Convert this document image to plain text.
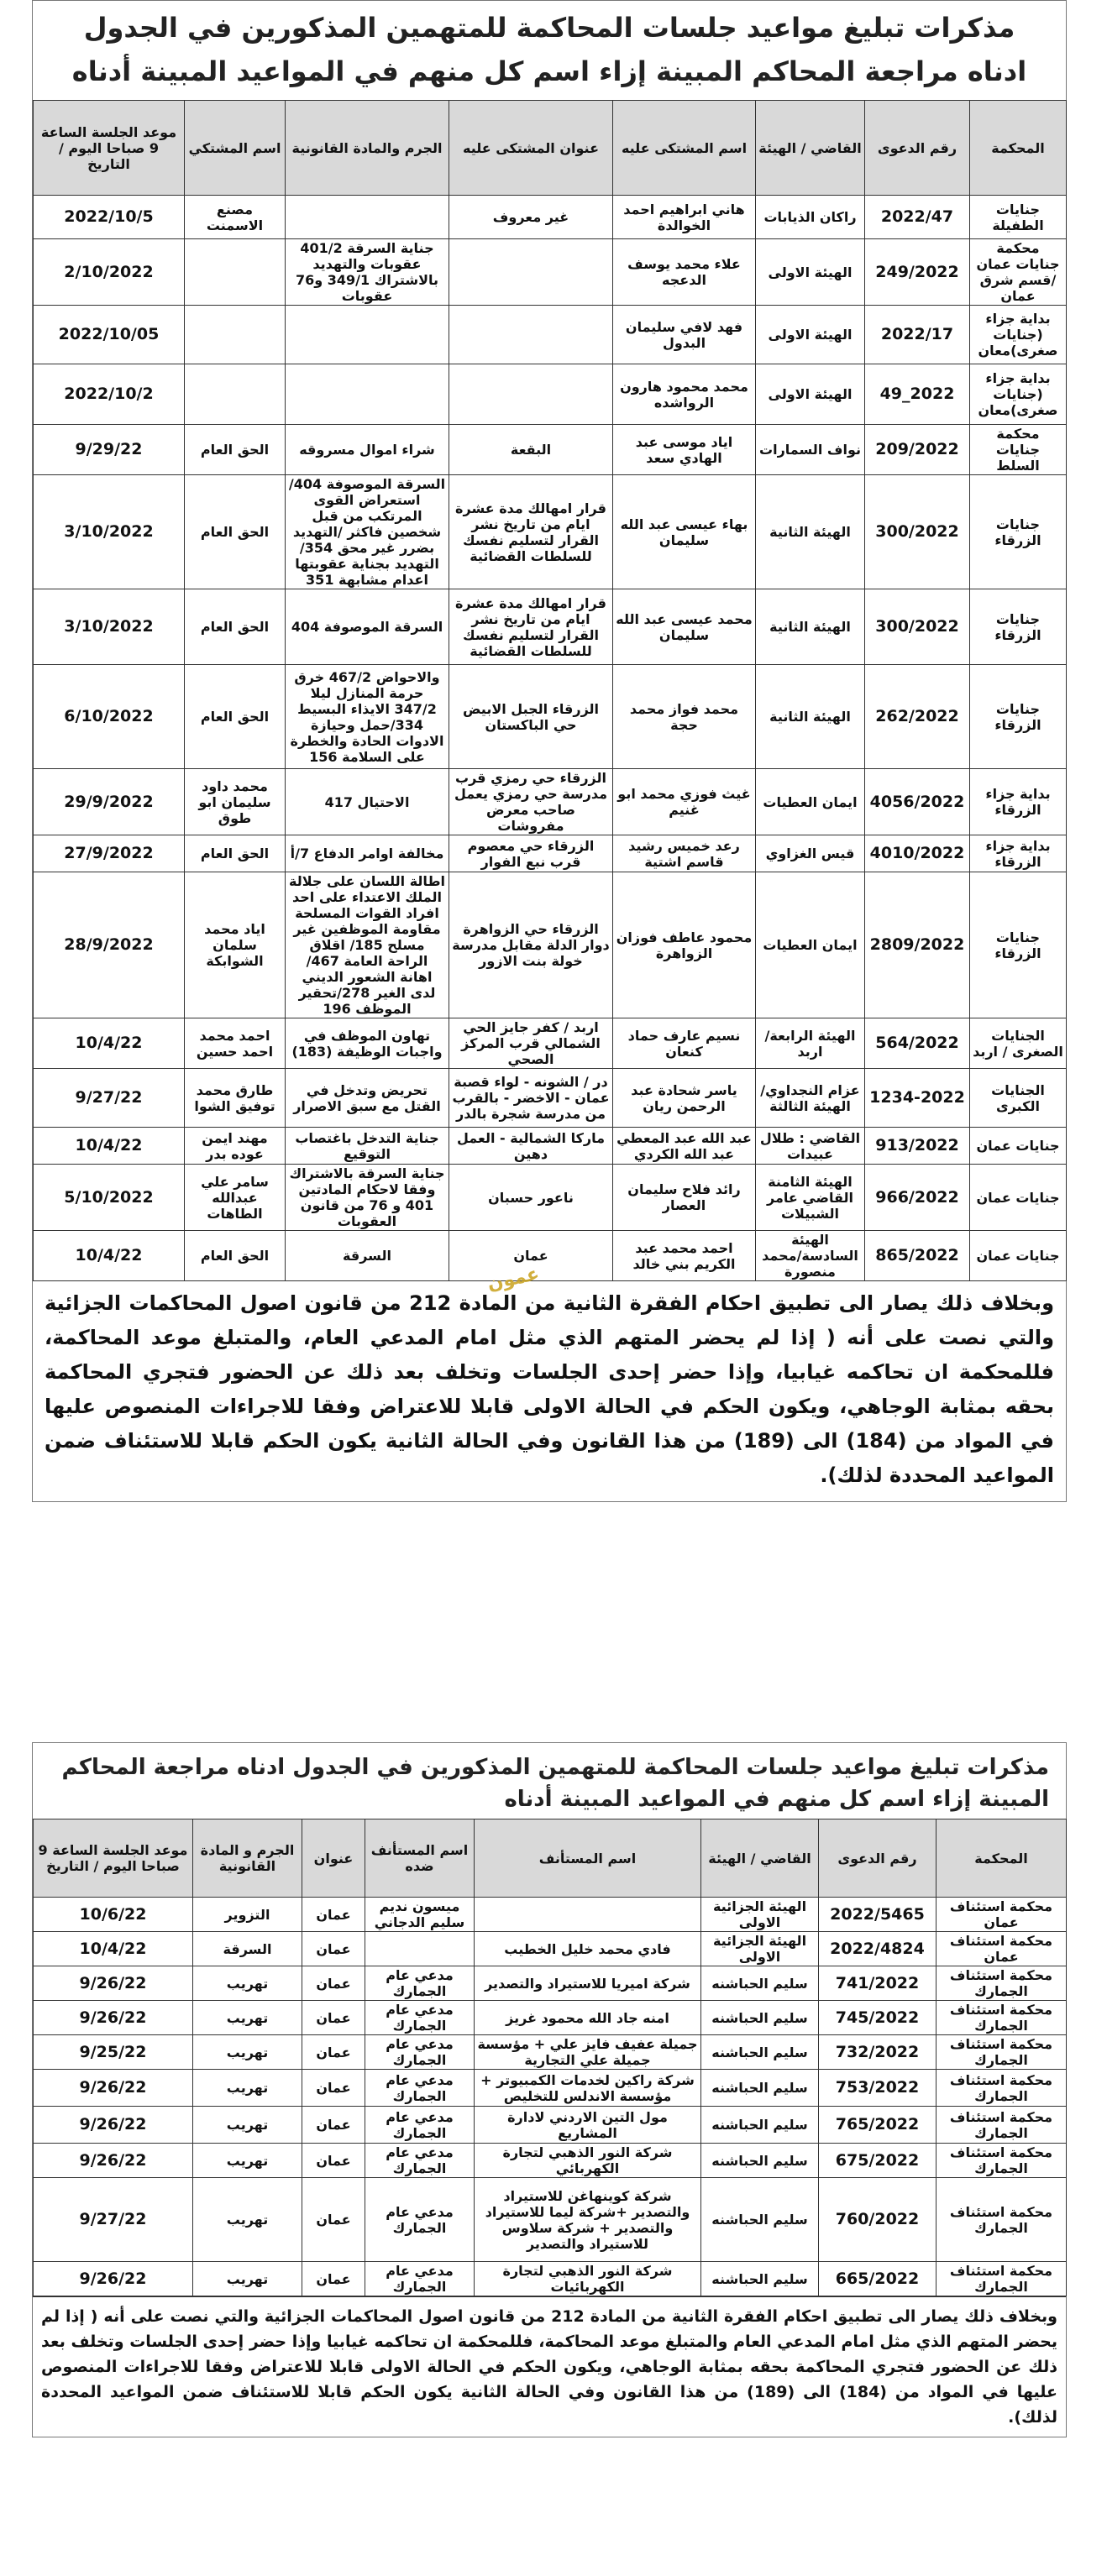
مذكرات تبليغ مواعيد جلسات المحاكمة للمتهمين المذكورين في الجدول ادناه مراجعة المحاكم المبينة إزاء اسم كل منهم في المواعيد المبينة أدناه
المحكمة	رقم الدعوى	القاضي / الهيئة	اسم المشتكى عليه	عنوان المشتكى عليه	الجرم والمادة القانونية	اسم المشتكي	موعد الجلسة الساعة 9 صباحا اليوم / التاريخ
جنايات الطفيلة	2022/47	راكان الذيابات	هاني ابراهيم احمد الخوالدة	غير معروف		مصنع الاسمنت	2022/10/5
محكمة جنايات عمان /قسم شرق عمان	249/2022	الهيئة الاولى	علاء محمد يوسف الدعجه		جناية السرقة 401/2 عقوبات والتهديد بالاشتراك 349/1 و76 عقوبات		2/10/2022
بداية جزاء (جنايات صغرى)معان	2022/17	الهيئة الاولى	فهد لافي سليمان البدول				2022/10/05
بداية جزاء (جنايات صغرى)معان	2022_49	الهيئة الاولى	محمد محمود هارون الرواشده				2022/10/2
محكمة جنايات السلط	209/2022	نواف السمارات	اياد موسى عبد الهادي سعد	البقعة	شراء اموال مسروقه	الحق العام	9/29/22
جنايات الزرقاء	300/2022	الهيئة الثانية	بهاء عيسى عبد الله سليمان	قرار امهالك مدة عشرة ايام من تاريخ نشر القرار لتسليم نفسك للسلطات القضائية	السرقة الموصوفة 404/ استعراض القوى المرتكب من قبل شخصين فاكثر /التهديد بضرر غير محق 354/ التهديد بجناية عقوبتها اعدام مشابهة 351	الحق العام	3/10/2022
جنايات الزرقاء	300/2022	الهيئة الثانية	محمد عيسى عبد الله سليمان	قرار امهالك مدة عشرة ايام من تاريخ نشر القرار لتسليم نفسك للسلطات القضائية	السرقة الموصوفة 404	الحق العام	3/10/2022
جنايات الزرقاء	262/2022	الهيئة الثانية	محمد فواز محمد حجة	الزرقاء الجبل الابيض حي الباكستان	والاحواض 467/2 خرق حرمة المنازل ليلا 347/2 الايذاء البسيط 334/حمل وحيازة الادوات الحادة والخطرة على السلامة 156	الحق العام	6/10/2022
بداية جزاء الزرقاء	4056/2022	ايمان العطيات	غيث فوزي محمد ابو غنيم	الزرقاء حي رمزي قرب مدرسة حي رمزي يعمل صاحب معرض مفروشات	الاحتيال 417	محمد داود سليمان ابو طوق	29/9/2022
بداية جزاء الزرقاء	4010/2022	قيس الغزاوي	رعد خميس رشيد قاسم اشتية	الزرقاء حي معصوم قرب نبع الفوار	مخالفة اوامر الدفاع 7/أ	الحق العام	27/9/2022
جنايات الزرقاء	2809/2022	ايمان العطيات	محمود عاطف فوزان الزواهرة	الزرقاء حي الزواهرة دوار الدلة مقابل مدرسة خولة بنت الازور	اطالة اللسان على جلالة الملك الاعتداء على احد افراد القوات المسلحة مقاومة الموظفين غير مسلح 185/ اقلاق الراحة العامة 467/ اهانة الشعور الديني لدى الغير 278/تحقير الموظف 196	اياد محمد سلمان الشوابكة	28/9/2022
الجنايات الصغرى / اربد	564/2022	الهيئة الرابعة/اربد	نسيم عارف حماد كنعان	اربد / كفر جايز الحي الشمالي قرب المركز الصحي	تهاون الموظف في واجبات الوظيفة (183)	احمد محمد احمد حسين	10/4/22
الجنايات الكبرى	1234-2022	عزام النجداوي/الهيئة الثالثة	ياسر شحادة عبد الرحمن ريان	در / الشونه - لواء قصبة عمان - الاخضر - بالقرب من مدرسة شجرة بالدر	تحريض وتدخل في القتل مع سبق الاصرار	طارق محمد توفيق الشوا	9/27/22
جنايات عمان	913/2022	القاضي : طلال عبيدات	عبد الله عبد المعطي عبد الله الكردي	ماركا الشمالية - العمل دهين	جناية التدخل باغتصاب التوقيع	مهند ايمن عوده بدر	10/4/22
جنايات عمان	966/2022	الهيئة الثامنة القاضي عامر الشبيلات	رائد فلاح سليمان العصار	ناعور حسبان	جناية السرقة بالاشتراك وفقا لاحكام المادتين 401 و 76 من قانون العقوبات	سامر علي عبدالله الطاهات	5/10/2022
جنايات عمان	865/2022	الهيئة السادسة/محمد منصورة	احمد محمد عبد الكريم بني خالد	عمان	السرقة	الحق العام	10/4/22
وبخلاف ذلك يصار الى تطبيق احكام الفقرة الثانية من المادة 212 من قانون اصول المحاكمات الجزائية والتي نصت على أنه ( إذا لم يحضر المتهم الذي مثل امام المدعي العام، والمتبلغ موعد المحاكمة، فللمحكمة ان تحاكمه غيابيا، وإذا حضر إحدى الجلسات وتخلف بعد ذلك عن الحضور فتجري المحاكمة بحقه بمثابة الوجاهي، ويكون الحكم في الحالة الاولى قابلا للاعتراض وفقا للاجراءات المنصوص عليها في المواد من (184) الى (189) من هذا القانون وفي الحالة الثانية يكون الحكم قابلا للاستئناف ضمن المواعيد المحددة لذلك).
عمون
مذكرات تبليغ مواعيد جلسات المحاكمة للمتهمين المذكورين في الجدول ادناه مراجعة المحاكم المبينة إزاء اسم كل منهم في المواعيد المبينة أدناه
المحكمة	رقم الدعوى	القاضي / الهيئة	اسم المستأنف	اسم المستأنف ضده	عنوان	الجرم و المادة القانونية	موعد الجلسة الساعة 9 صباحا اليوم / التاريخ
محكمة استئناف عمان	2022/5465	الهيئة الجزائية الاولى		ميسون نديم سليم الدجاني	عمان	التزوير	10/6/22
محكمة استئناف عمان	2022/4824	الهيئة الجزائية الاولى	فادي محمد خليل الخطيب		عمان	السرقة	10/4/22
محكمة استئناف الجمارك	741/2022	سليم الحباشنه	شركة اميريا للاستيراد والتصدير	مدعي عام الجمارك	عمان	تهريب	9/26/22
محكمة استئناف الجمارك	745/2022	سليم الحباشنه	امنه جاد الله محمود غريز	مدعي عام الجمارك	عمان	تهريب	9/26/22
محكمة استئناف الجمارك	732/2022	سليم الحباشنه	جميلة عفيف فايز علي + مؤسسة جميلة علي التجارية	مدعي عام الجمارك	عمان	تهريب	9/25/22
محكمة استئناف الجمارك	753/2022	سليم الحباشنه	شركة راكين لخدمات الكمبيوتر + مؤسسة الاندلس للتخليص	مدعي عام الجمارك	عمان	تهريب	9/26/22
محكمة استئناف الجمارك	765/2022	سليم الحباشنه	مول التين الاردني لادارة المشاريع	مدعي عام الجمارك	عمان	تهريب	9/26/22
محكمة استئناف الجمارك	675/2022	سليم الحباشنه	شركة النور الذهبي لتجارة الكهربائي	مدعي عام الجمارك	عمان	تهريب	9/26/22
محكمة استئناف الجمارك	760/2022	سليم الحباشنه	شركة كوينهاغن للاستيراد والتصدير +شركة ليما للاستيراد والتصدير + شركة سلاوس للاستيراد والتصدير	مدعي عام الجمارك	عمان	تهريب	9/27/22
محكمة استئناف الجمارك	665/2022	سليم الحباشنه	شركة النور الذهبي لتجارة الكهربائيات	مدعي عام الجمارك	عمان	تهريب	9/26/22
وبخلاف ذلك يصار الى تطبيق احكام الفقرة الثانية من المادة 212 من قانون اصول المحاكمات الجزائية والتي نصت على أنه ( إذا لم يحضر المتهم الذي مثل امام المدعي العام والمتبلغ موعد المحاكمة، فللمحكمة ان تحاكمه غيابيا وإذا حضر إحدى الجلسات وتخلف بعد ذلك عن الحضور فتجري المحاكمة بحقه بمثابة الوجاهي، ويكون الحكم في الحالة الاولى قابلا للاعتراض وفقا للاجراءات المنصوص عليها في المواد من (184) الى (189) من هذا القانون وفي الحالة الثانية يكون الحكم قابلا للاستئناف ضمن المواعيد المحددة لذلك).
